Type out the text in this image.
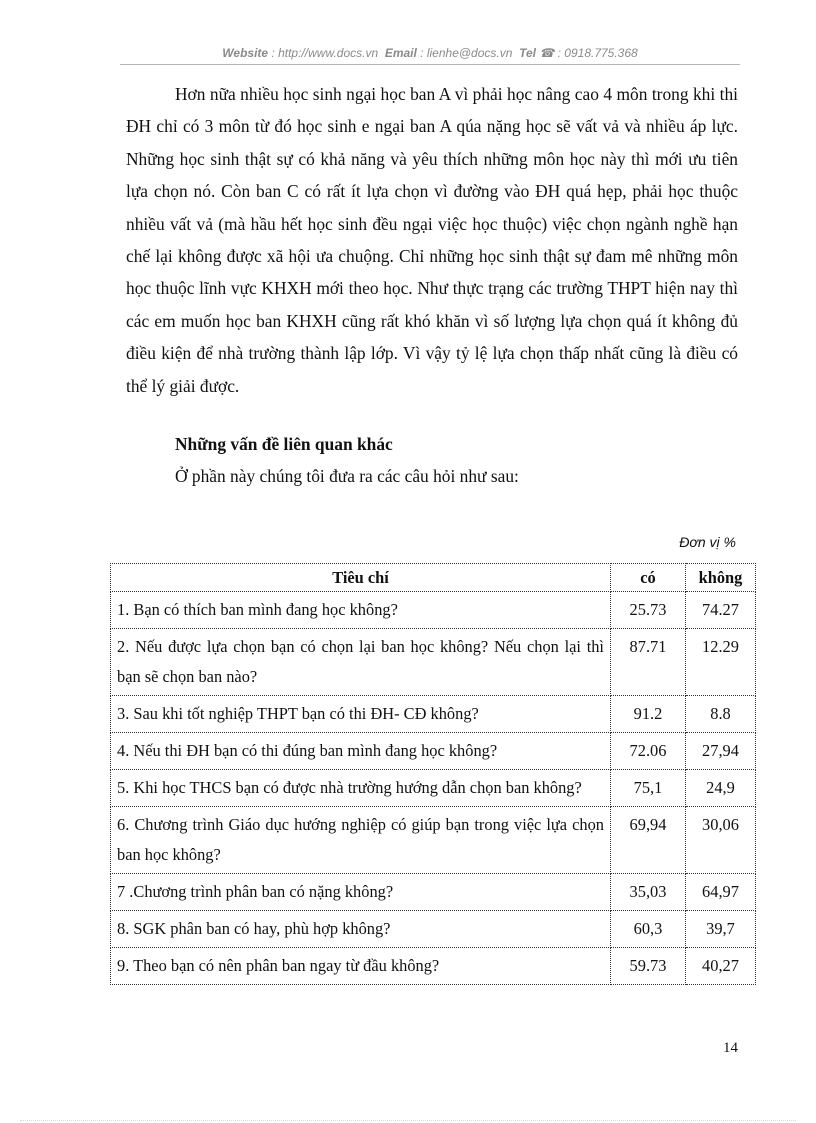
Website : http://www.docs.vn Email : lienhe@docs.vn Tel ☎ : 0918.775.368

Hơn nữa nhiều học sinh ngại học ban A vì phải học nâng cao 4 môn trong khi thi ĐH chỉ có 3 môn từ đó học sinh e ngại ban A qúa nặng học sẽ vất vả và nhiều áp lực. Những học sinh thật sự có khả năng và yêu thích những môn học này thì mới ưu tiên lựa chọn nó. Còn ban C có rất ít lựa chọn vì đường vào ĐH quá hẹp, phải học thuộc nhiều vất vả (mà hầu hết học sinh đều ngại việc học thuộc) việc chọn ngành nghề hạn chế lại không được xã hội ưa chuộng. Chỉ những học sinh thật sự đam mê những môn học thuộc lĩnh vực KHXH mới theo học. Như thực trạng các trường THPT hiện nay thì các em muốn học ban KHXH cũng rất khó khăn vì số lượng lựa chọn quá ít không đủ điều kiện để nhà trường thành lập lớp. Vì vậy tỷ lệ lựa chọn thấp nhất cũng là điều có thể lý giải được.

Những vấn đề liên quan khác

Ở phần này chúng tôi đưa ra các câu hỏi như sau:

Đơn vị %
Tiêu chí	có	không
1. Bạn có thích ban mình đang học không?	25.73	74.27
2. Nếu được lựa chọn bạn có chọn lại ban học không? Nếu chọn lại thì bạn sẽ chọn ban nào?	87.71	12.29
3. Sau khi tốt nghiệp THPT bạn có thi ĐH- CĐ không?	91.2	8.8
4. Nếu thi ĐH bạn có thi đúng ban mình đang học không?	72.06	27,94
5. Khi học THCS bạn có được nhà trường hướng dẫn chọn ban không?	75,1	24,9
6. Chương trình Giáo dục hướng nghiệp có giúp bạn trong việc lựa chọn ban học không?	69,94	30,06
7 .Chương trình phân ban có nặng không?	35,03	64,97
8. SGK phân ban có hay, phù hợp không?	60,3	39,7
9. Theo bạn có nên phân ban ngay từ đầu không?	59.73	40,27
14
